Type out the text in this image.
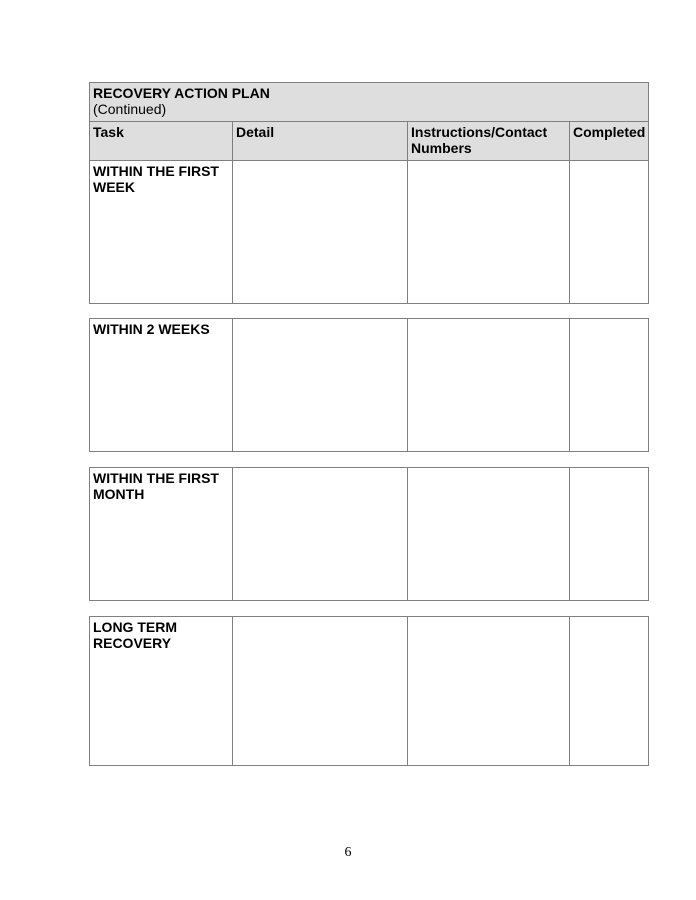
RECOVERY ACTION PLAN
(Continued)			

Task	Detail	Instructions/Contact Numbers	Completed
WITHIN THE FIRST WEEK			
WITHIN 2 WEEKS			
WITHIN THE FIRST MONTH			
LONG TERM RECOVERY			
6
